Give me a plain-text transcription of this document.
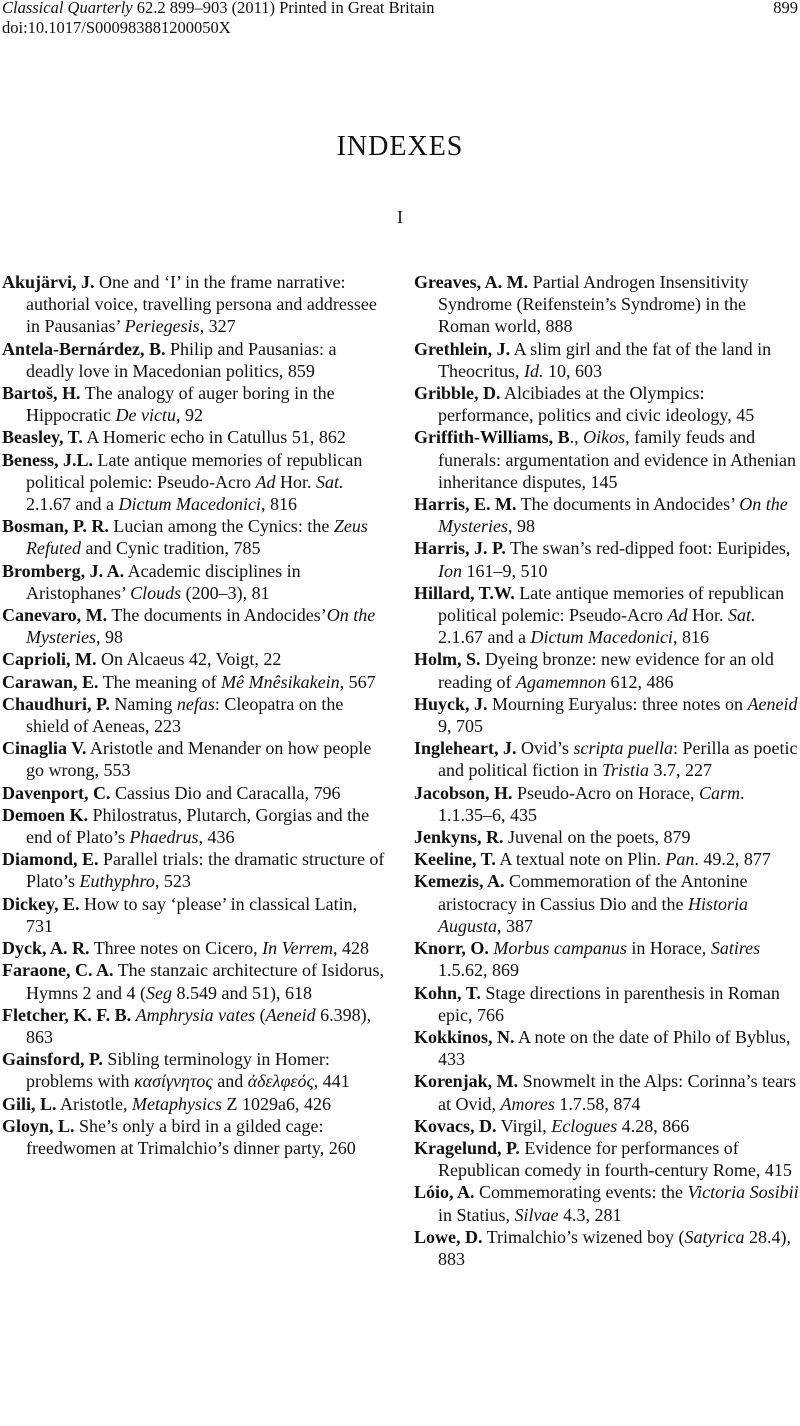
Classical Quarterly 62.2 899–903 (2011) Printed in Great Britain
doi:10.1017/S000983881200050X
899
INDEXES
I

Akujärvi, J. One and ‘I’ in the frame narrative: authorial voice, travelling persona and addressee in Pausanias’ Periegesis, 327

Antela-Bernárdez, B. Philip and Pausanias: a deadly love in Macedonian politics, 859

Bartoš, H. The analogy of auger boring in the Hippocratic De victu, 92

Beasley, T. A Homeric echo in Catullus 51, 862

Beness, J.L. Late antique memories of republican political polemic: Pseudo-Acro Ad Hor. Sat. 2.1.67 and a Dictum Macedonici, 816

Bosman, P. R. Lucian among the Cynics: the Zeus Refuted and Cynic tradition, 785

Bromberg, J. A. Academic disciplines in Aristophanes’ Clouds (200–3), 81

Canevaro, M. The documents in Andocides’On the Mysteries, 98

Caprioli, M. On Alcaeus 42, Voigt, 22

Carawan, E. The meaning of Mê Mnêsikakein, 567

Chaudhuri, P. Naming nefas: Cleopatra on the shield of Aeneas, 223

Cinaglia V. Aristotle and Menander on how people go wrong, 553

Davenport, C. Cassius Dio and Caracalla, 796

Demoen K. Philostratus, Plutarch, Gorgias and the end of Plato’s Phaedrus, 436

Diamond, E. Parallel trials: the dramatic structure of Plato’s Euthyphro, 523

Dickey, E. How to say ‘please’ in classical Latin, 731

Dyck, A. R. Three notes on Cicero, In Verrem, 428

Faraone, C. A. The stanzaic architecture of Isidorus, Hymns 2 and 4 (Seg 8.549 and 51), 618

Fletcher, K. F. B. Amphrysia vates (Aeneid 6.398), 863

Gainsford, P. Sibling terminology in Homer: problems with κασίγνητος and ἀδελφεός, 441

Gili, L. Aristotle, Metaphysics Z 1029a6, 426

Gloyn, L. She’s only a bird in a gilded cage: freedwomen at Trimalchio’s dinner party, 260

Greaves, A. M. Partial Androgen Insensitivity Syndrome (Reifenstein’s Syndrome) in the Roman world, 888

Grethlein, J. A slim girl and the fat of the land in Theocritus, Id. 10, 603

Gribble, D. Alcibiades at the Olympics: performance, politics and civic ideology, 45

Griffith-Williams, B., Oikos, family feuds and funerals: argumentation and evidence in Athenian inheritance disputes, 145

Harris, E. M. The documents in Andocides’ On the Mysteries, 98

Harris, J. P. The swan’s red-dipped foot: Euripides, Ion 161–9, 510

Hillard, T.W. Late antique memories of republican political polemic: Pseudo-Acro Ad Hor. Sat. 2.1.67 and a Dictum Macedonici, 816

Holm, S. Dyeing bronze: new evidence for an old reading of Agamemnon 612, 486

Huyck, J. Mourning Euryalus: three notes on Aeneid 9, 705

Ingleheart, J. Ovid’s scripta puella: Perilla as poetic and political fiction in Tristia 3.7, 227

Jacobson, H. Pseudo-Acro on Horace, Carm. 1.1.35–6, 435

Jenkyns, R. Juvenal on the poets, 879

Keeline, T. A textual note on Plin. Pan. 49.2, 877

Kemezis, A. Commemoration of the Antonine aristocracy in Cassius Dio and the Historia Augusta, 387

Knorr, O. Morbus campanus in Horace, Satires 1.5.62, 869

Kohn, T. Stage directions in parenthesis in Roman epic, 766

Kokkinos, N. A note on the date of Philo of Byblus, 433

Korenjak, M. Snowmelt in the Alps: Corinna’s tears at Ovid, Amores 1.7.58, 874

Kovacs, D. Virgil, Eclogues 4.28, 866

Kragelund, P. Evidence for performances of Republican comedy in fourth-century Rome, 415

Lóio, A. Commemorating events: the Victoria Sosibii in Statius, Silvae 4.3, 281

Lowe, D. Trimalchio’s wizened boy (Satyrica 28.4), 883
